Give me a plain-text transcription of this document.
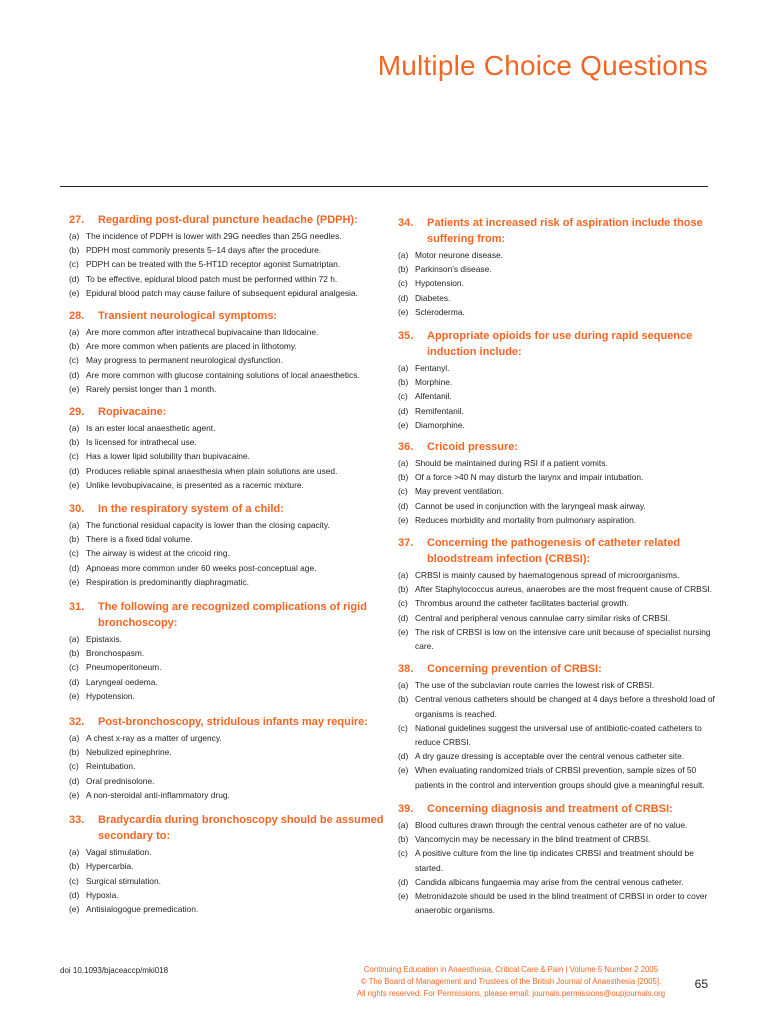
Multiple Choice Questions
27.	Regarding post-dural puncture headache (PDPH):
(a) The incidence of PDPH is lower with 29G needles than 25G needles.
(b) PDPH most commonly presents 5–14 days after the procedure.
(c) PDPH can be treated with the 5-HT1D receptor agonist Sumatriptan.
(d) To be effective, epidural blood patch must be performed within 72 h.
(e) Epidural blood patch may cause failure of subsequent epidural analgesia.
28.	Transient neurological symptoms:
(a) Are more common after intrathecal bupivacaine than lidocaine.
(b) Are more common when patients are placed in lithotomy.
(c) May progress to permanent neurological dysfunction.
(d) Are more common with glucose containing solutions of local anaesthetics.
(e) Rarely persist longer than 1 month.
29.	Ropivacaine:
(a) Is an ester local anaesthetic agent.
(b) Is licensed for intrathecal use.
(c) Has a lower lipid solubility than bupivacaine.
(d) Produces reliable spinal anaesthesia when plain solutions are used.
(e) Unlike levobupivacaine, is presented as a racemic mixture.
30.	In the respiratory system of a child:
(a) The functional residual capacity is lower than the closing capacity.
(b) There is a fixed tidal volume.
(c) The airway is widest at the cricoid ring.
(d) Apnoeas more common under 60 weeks post-conceptual age.
(e) Respiration is predominantly diaphragmatic.
31.	The following are recognized complications of rigid bronchoscopy:
(a) Epistaxis.
(b) Bronchospasm.
(c) Pneumoperitoneum.
(d) Laryngeal oedema.
(e) Hypotension.
32.	Post-bronchoscopy, stridulous infants may require:
(a) A chest x-ray as a matter of urgency.
(b) Nebulized epinephrine.
(c) Reintubation.
(d) Oral prednisolone.
(e) A non-steroidal anti-inflammatory drug.
33.	Bradycardia during bronchoscopy should be assumed secondary to:
(a) Vagal stimulation.
(b) Hypercarbia.
(c) Surgical stimulation.
(d) Hypoxia.
(e) Antisialogogue premedication.
34.	Patients at increased risk of aspiration include those suffering from:
(a) Motor neurone disease.
(b) Parkinson's disease.
(c) Hypotension.
(d) Diabetes.
(e) Scleroderma.
35.	Appropriate opioids for use during rapid sequence induction include:
(a) Fentanyl.
(b) Morphine.
(c) Alfentanil.
(d) Remifentanil.
(e) Diamorphine.
36.	Cricoid pressure:
(a) Should be maintained during RSI if a patient vomits.
(b) Of a force >40 N may disturb the larynx and impair intubation.
(c) May prevent ventilation.
(d) Cannot be used in conjunction with the laryngeal mask airway.
(e) Reduces morbidity and mortality from pulmonary aspiration.
37.	Concerning the pathogenesis of catheter related bloodstream infection (CRBSI):
(a) CRBSI is mainly caused by haematogenous spread of microorganisms.
(b) After Staphylococcus aureus, anaerobes are the most frequent cause of CRBSI.
(c) Thrombus around the catheter facilitates bacterial growth.
(d) Central and peripheral venous cannulae carry similar risks of CRBSI.
(e) The risk of CRBSI is low on the intensive care unit because of specialist nursing care.
38.	Concerning prevention of CRBSI:
(a) The use of the subclavian route carries the lowest risk of CRBSI.
(b) Central venous catheters should be changed at 4 days before a threshold load of organisms is reached.
(c) National guidelines suggest the universal use of antibiotic-coated catheters to reduce CRBSI.
(d) A dry gauze dressing is acceptable over the central venous catheter site.
(e) When evaluating randomized trials of CRBSI prevention, sample sizes of 50 patients in the control and intervention groups should give a meaningful result.
39.	Concerning diagnosis and treatment of CRBSI:
(a) Blood cultures drawn through the central venous catheter are of no value.
(b) Vancomycin may be necessary in the blind treatment of CRBSI.
(c) A positive culture from the line tip indicates CRBSI and treatment should be started.
(d) Candida albicans fungaemia may arise from the central venous catheter.
(e) Metronidazole should be used in the blind treatment of CRBSI in order to cover anaerobic organisms.
doi 10.1093/bjaceaccp/mki018	Continuing Education in Anaesthesia, Critical Care & Pain | Volume 5 Number 2 2005
© The Board of Management and Trustees of the British Journal of Anaesthesia [2005].
All rights reserved. For Permissions, please email: journals.permissions@oupjournals.org
65
